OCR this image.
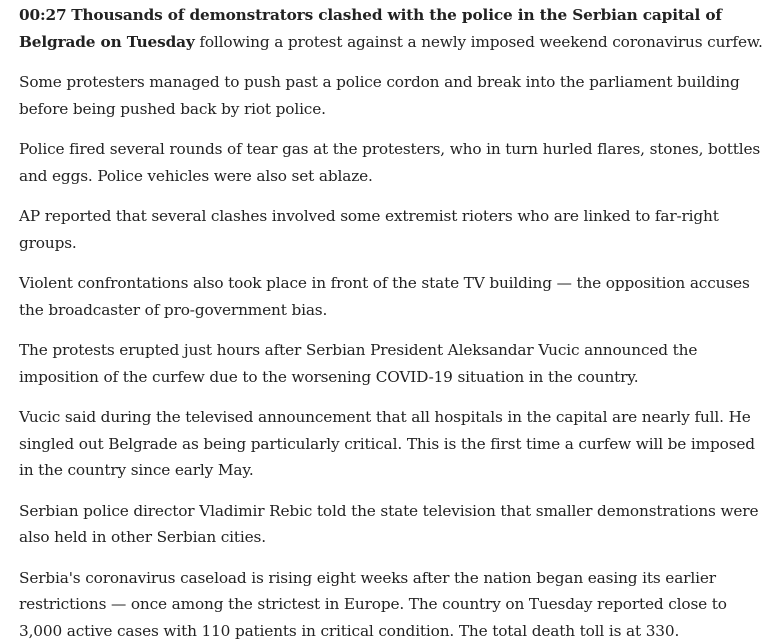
00:27 Thousands of demonstrators clashed with the police in the Serbian capital of Belgrade on Tuesday following a protest against a newly imposed weekend coronavirus curfew.

Some protesters managed to push past a police cordon and break into the parliament building before being pushed back by riot police.

Police fired several rounds of tear gas at the protesters, who in turn hurled flares, stones, bottles and eggs. Police vehicles were also set ablaze.

AP reported that several clashes involved some extremist rioters who are linked to far-right groups.

Violent confrontations also took place in front of the state TV building — the opposition accuses the broadcaster of pro-government bias.

The protests erupted just hours after Serbian President Aleksandar Vucic announced the imposition of the curfew due to the worsening COVID-19 situation in the country.

Vucic said during the televised announcement that all hospitals in the capital are nearly full. He singled out Belgrade as being particularly critical. This is the first time a curfew will be imposed in the country since early May.

Serbian police director Vladimir Rebic told the state television that smaller demonstrations were also held in other Serbian cities.

Serbia's coronavirus caseload is rising eight weeks after the nation began easing its earlier restrictions — once among the strictest in Europe. The country on Tuesday reported close to 3,000 active cases with 110 patients in critical condition. The total death toll is at 330.
